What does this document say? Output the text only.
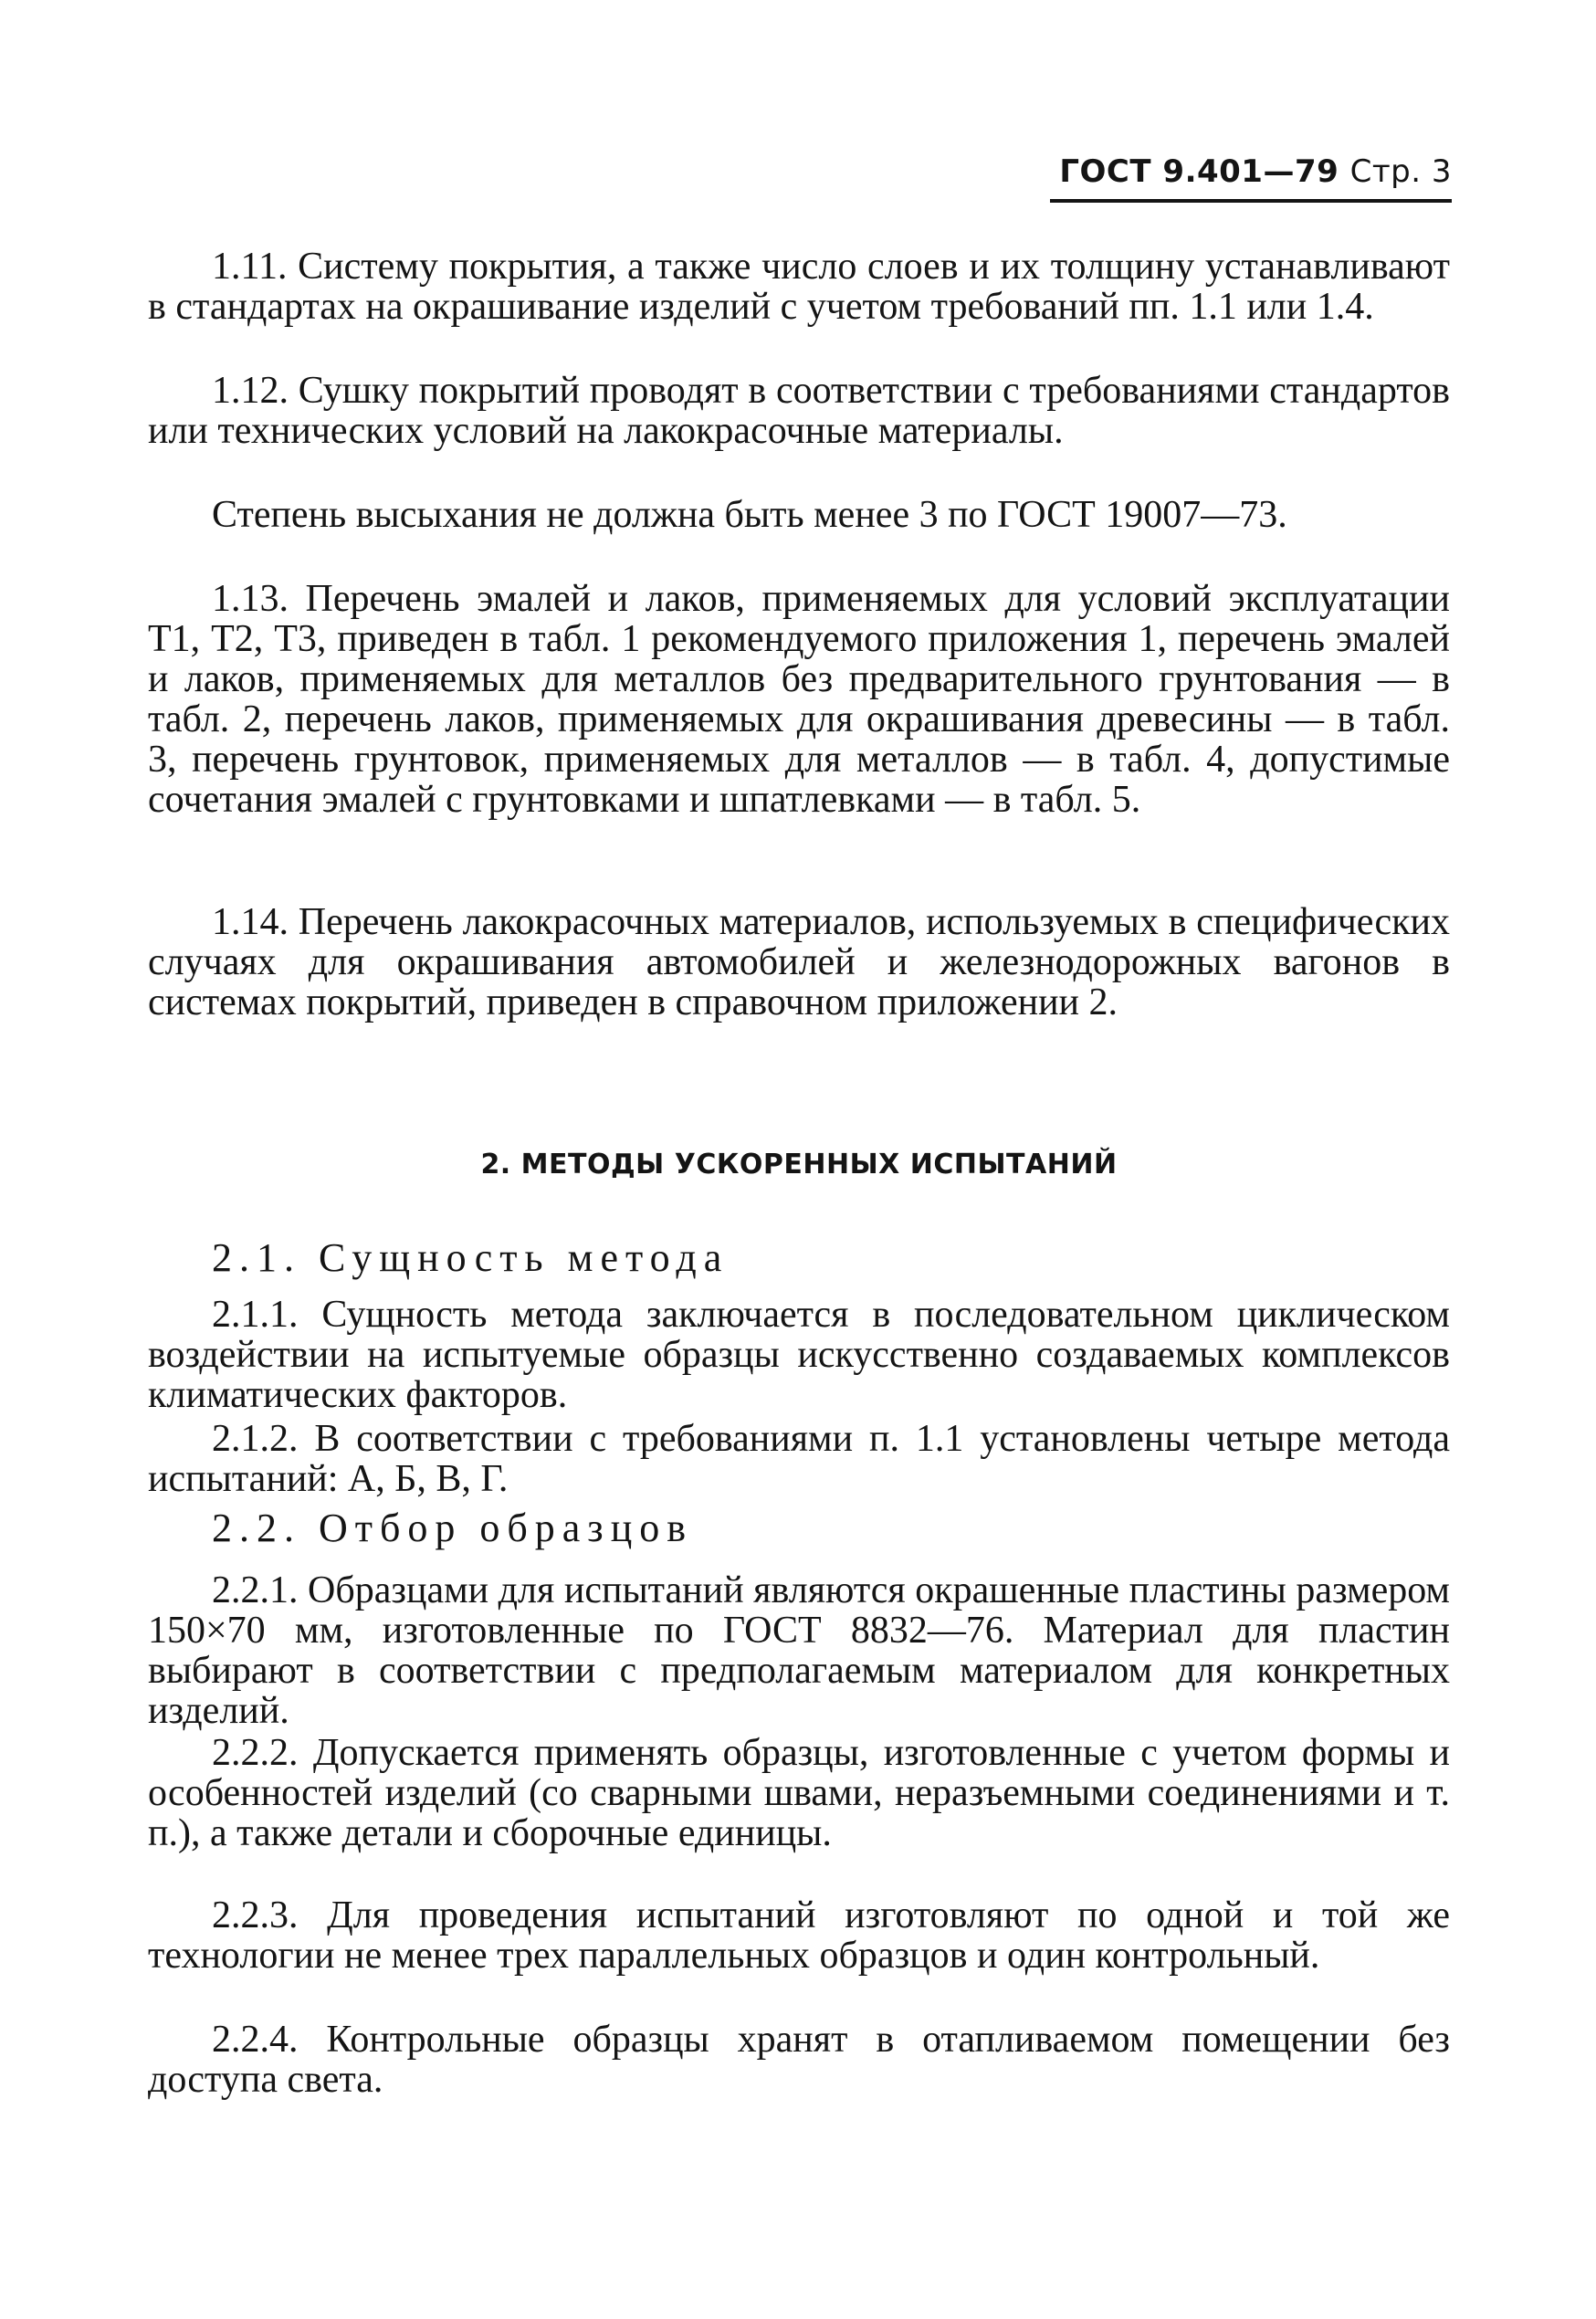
ГОСТ 9.401—79 Стр. 3

1.11. Систему покрытия, а также число слоев и их толщину устанавливают в стандартах на окрашивание изделий с учетом требований пп. 1.1 или 1.4.

1.12. Сушку покрытий проводят в соответствии с требованиями стандартов или технических условий на лакокрасочные материалы.

Степень высыхания не должна быть менее 3 по ГОСТ 19007—73.

1.13. Перечень эмалей и лаков, применяемых для условий эксплуатации Т1, Т2, Т3, приведен в табл. 1 рекомендуемого приложения 1, перечень эмалей и лаков, применяемых для металлов без предварительного грунтования — в табл. 2, перечень лаков, применяемых для окрашивания древесины — в табл. 3, перечень грунтовок, применяемых для металлов — в табл. 4, допустимые сочетания эмалей с грунтовками и шпатлевками — в табл. 5.

1.14. Перечень лакокрасочных материалов, используемых в специфических случаях для окрашивания автомобилей и железнодорожных вагонов в системах покрытий, приведен в справочном приложении 2.

2. МЕТОДЫ УСКОРЕННЫХ ИСПЫТАНИЙ

2.1. Сущность метода

2.1.1. Сущность метода заключается в последовательном циклическом воздействии на испытуемые образцы искусственно создаваемых комплексов климатических факторов.

2.1.2. В соответствии с требованиями п. 1.1 установлены четыре метода испытаний: А, Б, В, Г.

2.2. Отбор образцов

2.2.1. Образцами для испытаний являются окрашенные пластины размером 150×70 мм, изготовленные по ГОСТ 8832—76. Материал для пластин выбирают в соответствии с предполагаемым материалом для конкретных изделий.

2.2.2. Допускается применять образцы, изготовленные с учетом формы и особенностей изделий (со сварными швами, неразъемными соединениями и т. п.), а также детали и сборочные единицы.

2.2.3. Для проведения испытаний изготовляют по одной и той же технологии не менее трех параллельных образцов и один контрольный.

2.2.4. Контрольные образцы хранят в отапливаемом помещении без доступа света.
